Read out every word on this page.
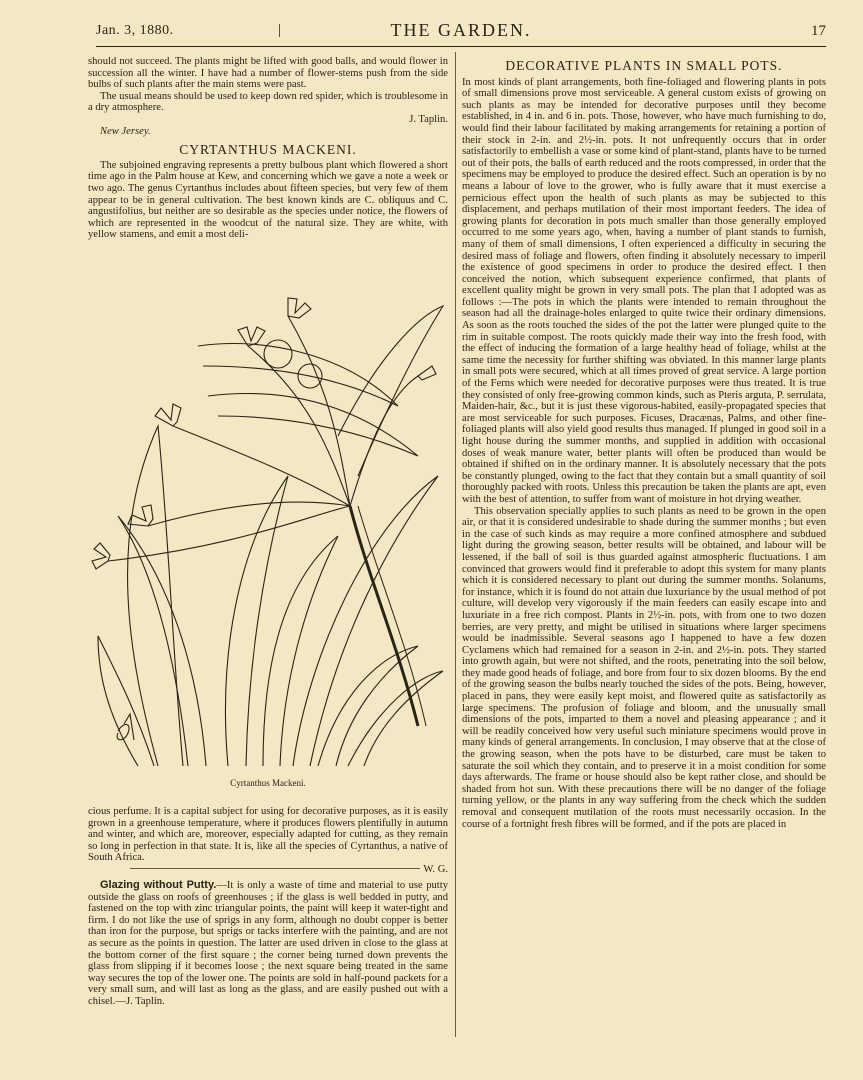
Jan. 3, 1880.	|	THE GARDEN.	17

should not succeed. The plants might be lifted with good balls, and would flower in succession all the winter. I have had a number of flower-stems push from the side bulbs of such plants after the main stems were past.

The usual means should be used to keep down red spider, which is troublesome in a dry atmosphere.

J. Taplin.
New Jersey.
CYRTANTHUS MACKENI.

The subjoined engraving represents a pretty bulbous plant which flowered a short time ago in the Palm house at Kew, and concerning which we gave a note a week or two ago. The genus Cyrtanthus includes about fifteen species, but very few of them appear to be in general cultivation. The best known kinds are C. obliquus and C. angustifolius, but neither are so desirable as the species under notice, the flowers of which are represented in the woodcut of the natural size. They are white, with yellow stamens, and emit a most deli-

Cyrtanthus Mackeni.

cious perfume. It is a capital subject for using for decorative purposes, as it is easily grown in a greenhouse temperature, where it produces flowers plentifully in autumn and winter, and which are, moreover, especially adapted for cutting, as they remain so long in perfection in that state. It is, like all the species of Cyrtanthus, a native of South Africa.

W. G.

Glazing without Putty.—It is only a waste of time and material to use putty outside the glass on roofs of greenhouses ; if the glass is well bedded in putty, and fastened on the top with zinc triangular points, the paint will keep it water-tight and firm. I do not like the use of sprigs in any form, although no doubt copper is better than iron for the purpose, but sprigs or tacks interfere with the painting, and are not as secure as the points in question. The latter are used driven in close to the glass at the bottom corner of the first square ; the corner being turned down prevents the glass from slipping if it becomes loose ; the next square being treated in the same way secures the top of the lower one. The points are sold in half-pound packets for a very small sum, and will last as long as the glass, and are easily pushed out with a chisel.—J. Taplin.

DECORATIVE PLANTS IN SMALL POTS.

In most kinds of plant arrangements, both fine-foliaged and flowering plants in pots of small dimensions prove most serviceable. A general custom exists of growing on such plants as may be intended for decorative purposes until they become established, in 4 in. and 6 in. pots. Those, however, who have much furnishing to do, would find their labour facilitated by making arrangements for retaining a portion of their stock in 2-in. and 2½-in. pots. It not unfrequently occurs that in order satisfactorily to embellish a vase or some kind of plant-stand, plants have to be turned out of their pots, the balls of earth reduced and the roots compressed, in order that the specimens may be employed to produce the desired effect. Such an operation is by no means a labour of love to the grower, who is fully aware that it must exercise a pernicious effect upon the health of such plants as may be subjected to this displacement, and perhaps mutilation of their most important feeders. The idea of growing plants for decoration in pots much smaller than those generally employed occurred to me some years ago, when, having a number of plant stands to furnish, many of them of small dimensions, I often experienced a difficulty in securing the desired mass of foliage and flowers, often finding it absolutely necessary to imperil the existence of good specimens in order to produce the desired effect. I then conceived the notion, which subsequent experience confirmed, that plants of excellent quality might be grown in very small pots. The plan that I adopted was as follows :—The pots in which the plants were intended to remain throughout the season had all the drainage-holes enlarged to quite twice their ordinary dimensions. As soon as the roots touched the sides of the pot the latter were plunged quite to the rim in suitable compost. The roots quickly made their way into the fresh food, with the effect of inducing the formation of a large healthy head of foliage, whilst at the same time the necessity for further shifting was obviated. In this manner large plants in small pots were secured, which at all times proved of great service. A large portion of the Ferns which were needed for decorative purposes were thus treated. It is true they consisted of only free-growing common kinds, such as Pteris arguta, P. serrulata, Maiden-hair, &c., but it is just these vigorous-habited, easily-propagated species that are most serviceable for such purposes. Ficuses, Dracænas, Palms, and other fine-foliaged plants will also yield good results thus managed. If plunged in good soil in a light house during the summer months, and supplied in addition with occasional doses of weak manure water, better plants will often be produced than would be obtained if shifted on in the ordinary manner. It is absolutely necessary that the pots be constantly plunged, owing to the fact that they contain but a small quantity of soil thoroughly packed with roots. Unless this precaution be taken the plants are apt, even with the best of attention, to suffer from want of moisture in hot drying weather.

This observation specially applies to such plants as need to be grown in the open air, or that it is considered undesirable to shade during the summer months ; but even in the case of such kinds as may require a more confined atmosphere and subdued light during the growing season, better results will be obtained, and labour will be lessened, if the ball of soil is thus guarded against atmospheric fluctuations. I am convinced that growers would find it preferable to adopt this system for many plants which it is considered necessary to plant out during the summer months. Solanums, for instance, which it is found do not attain due luxuriance by the usual method of pot culture, will develop very vigorously if the main feeders can easily escape into and luxuriate in a free rich compost. Plants in 2½-in. pots, with from one to two dozen berries, are very pretty, and might be utilised in situations where larger specimens would be inadmissible. Several seasons ago I happened to have a few dozen Cyclamens which had remained for a season in 2-in. and 2½-in. pots. They started into growth again, but were not shifted, and the roots, penetrating into the soil below, they made good heads of foliage, and bore from four to six dozen blooms. By the end of the growing season the bulbs nearly touched the sides of the pots. Being, however, placed in pans, they were easily kept moist, and flowered quite as satisfactorily as large specimens. The profusion of foliage and bloom, and the unusually small dimensions of the pots, imparted to them a novel and pleasing appearance ; and it will be readily conceived how very useful such miniature specimens would prove in many kinds of general arrangements. In conclusion, I may observe that at the close of the growing season, when the pots have to be disturbed, care must be taken to saturate the soil which they contain, and to preserve it in a moist condition for some days afterwards. The frame or house should also be kept rather close, and should be shaded from hot sun. With these precautions there will be no danger of the foliage turning yellow, or the plants in any way suffering from the check which the sudden removal and consequent mutilation of the roots must necessarily occasion. In the course of a fortnight fresh fibres will be formed, and if the pots are placed in
